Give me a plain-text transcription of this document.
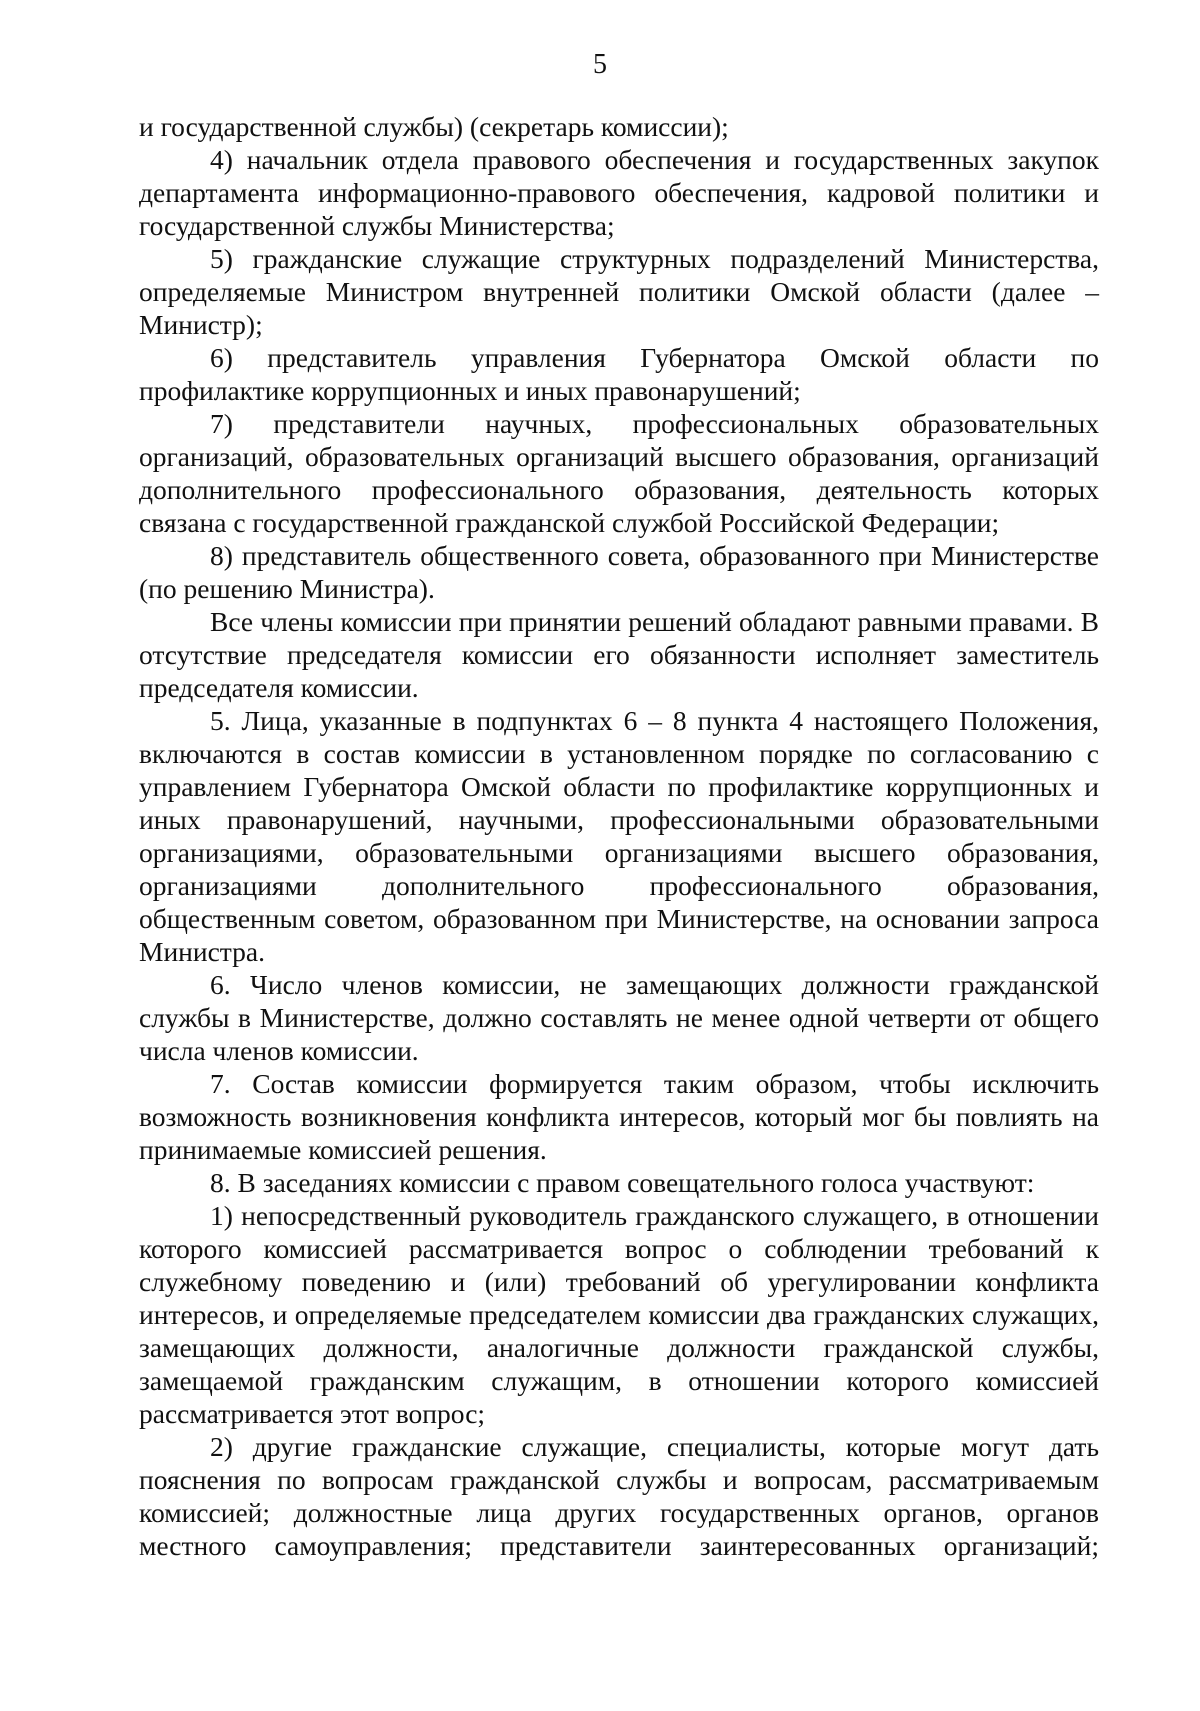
5

и государственной службы) (секретарь комиссии);

4) начальник отдела правового обеспечения и государственных закупок департамента информационно-правового обеспечения, кадровой политики и государственной службы Министерства;

5) гражданские служащие структурных подразделений Министерства, определяемые Министром внутренней политики Омской области (далее – Министр);

6) представитель управления Губернатора Омской области по профилактике коррупционных и иных правонарушений;

7) представители научных, профессиональных образовательных организаций, образовательных организаций высшего образования, организаций дополнительного профессионального образования, деятельность которых связана с государственной гражданской службой Российской Федерации;

8) представитель общественного совета, образованного при Министерстве (по решению Министра).

Все члены комиссии при принятии решений обладают равными правами. В отсутствие председателя комиссии его обязанности исполняет заместитель председателя комиссии.

5. Лица, указанные в подпунктах 6 – 8 пункта 4 настоящего Положения, включаются в состав комиссии в установленном порядке по согласованию с управлением Губернатора Омской области по профилактике коррупционных и иных правонарушений, научными, профессиональными образовательными организациями, образовательными организациями высшего образования, организациями дополнительного профессионального образования, общественным советом, образованном при Министерстве, на основании запроса Министра.

6. Число членов комиссии, не замещающих должности гражданской службы в Министерстве, должно составлять не менее одной четверти от общего числа членов комиссии.

7. Состав комиссии формируется таким образом, чтобы исключить возможность возникновения конфликта интересов, который мог бы повлиять на принимаемые комиссией решения.

8. В заседаниях комиссии с правом совещательного голоса участвуют:

1) непосредственный руководитель гражданского служащего, в отношении которого комиссией рассматривается вопрос о соблюдении требований к служебному поведению и (или) требований об урегулировании конфликта интересов, и определяемые председателем комиссии два гражданских служащих, замещающих должности, аналогичные должности гражданской службы, замещаемой гражданским служащим, в отношении которого комиссией рассматривается этот вопрос;

2) другие гражданские служащие, специалисты, которые могут дать пояснения по вопросам гражданской службы и вопросам, рассматриваемым комиссией; должностные лица других государственных органов, органов местного самоуправления; представители заинтересованных организаций;
